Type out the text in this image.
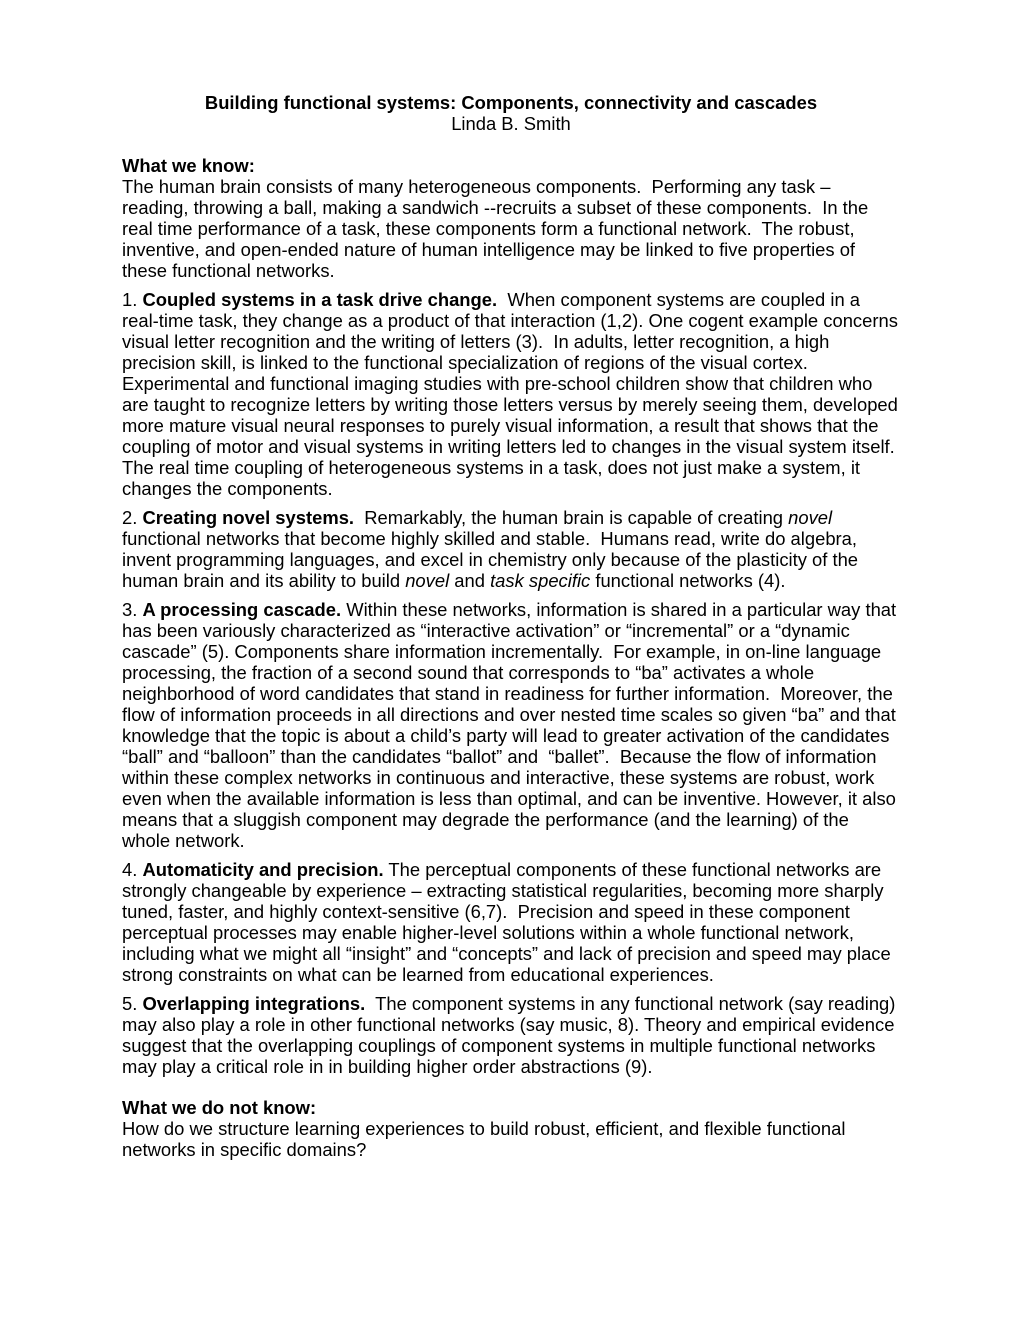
Building functional systems: Components, connectivity and cascades
Linda B. Smith
What we know:

The human brain consists of many heterogeneous components.  Performing any task – reading, throwing a ball, making a sandwich --recruits a subset of these components.  In the real time performance of a task, these components form a functional network.  The robust, inventive, and open-ended nature of human intelligence may be linked to five properties of these functional networks.

1. Coupled systems in a task drive change.  When component systems are coupled in a real-time task, they change as a product of that interaction (1,2). One cogent example concerns visual letter recognition and the writing of letters (3).  In adults, letter recognition, a high precision skill, is linked to the functional specialization of regions of the visual cortex. Experimental and functional imaging studies with pre-school children show that children who are taught to recognize letters by writing those letters versus by merely seeing them, developed more mature visual neural responses to purely visual information, a result that shows that the coupling of motor and visual systems in writing letters led to changes in the visual system itself. The real time coupling of heterogeneous systems in a task, does not just make a system, it changes the components.

2. Creating novel systems.  Remarkably, the human brain is capable of creating novel functional networks that become highly skilled and stable.  Humans read, write do algebra, invent programming languages, and excel in chemistry only because of the plasticity of the human brain and its ability to build novel and task specific functional networks (4).

3. A processing cascade. Within these networks, information is shared in a particular way that has been variously characterized as “interactive activation” or “incremental” or a “dynamic cascade” (5). Components share information incrementally.  For example, in on-line language processing, the fraction of a second sound that corresponds to “ba” activates a whole neighborhood of word candidates that stand in readiness for further information.  Moreover, the flow of information proceeds in all directions and over nested time scales so given “ba” and that knowledge that the topic is about a child’s party will lead to greater activation of the candidates “ball” and “balloon” than the candidates “ballot” and  “ballet”.  Because the flow of information within these complex networks in continuous and interactive, these systems are robust, work even when the available information is less than optimal, and can be inventive. However, it also means that a sluggish component may degrade the performance (and the learning) of the whole network.

4. Automaticity and precision. The perceptual components of these functional networks are strongly changeable by experience – extracting statistical regularities, becoming more sharply tuned, faster, and highly context-sensitive (6,7).  Precision and speed in these component perceptual processes may enable higher-level solutions within a whole functional network, including what we might all “insight” and “concepts” and lack of precision and speed may place strong constraints on what can be learned from educational experiences.

5. Overlapping integrations.  The component systems in any functional network (say reading) may also play a role in other functional networks (say music, 8). Theory and empirical evidence suggest that the overlapping couplings of component systems in multiple functional networks may play a critical role in in building higher order abstractions (9).

What we do not know:

How do we structure learning experiences to build robust, efficient, and flexible functional networks in specific domains?
